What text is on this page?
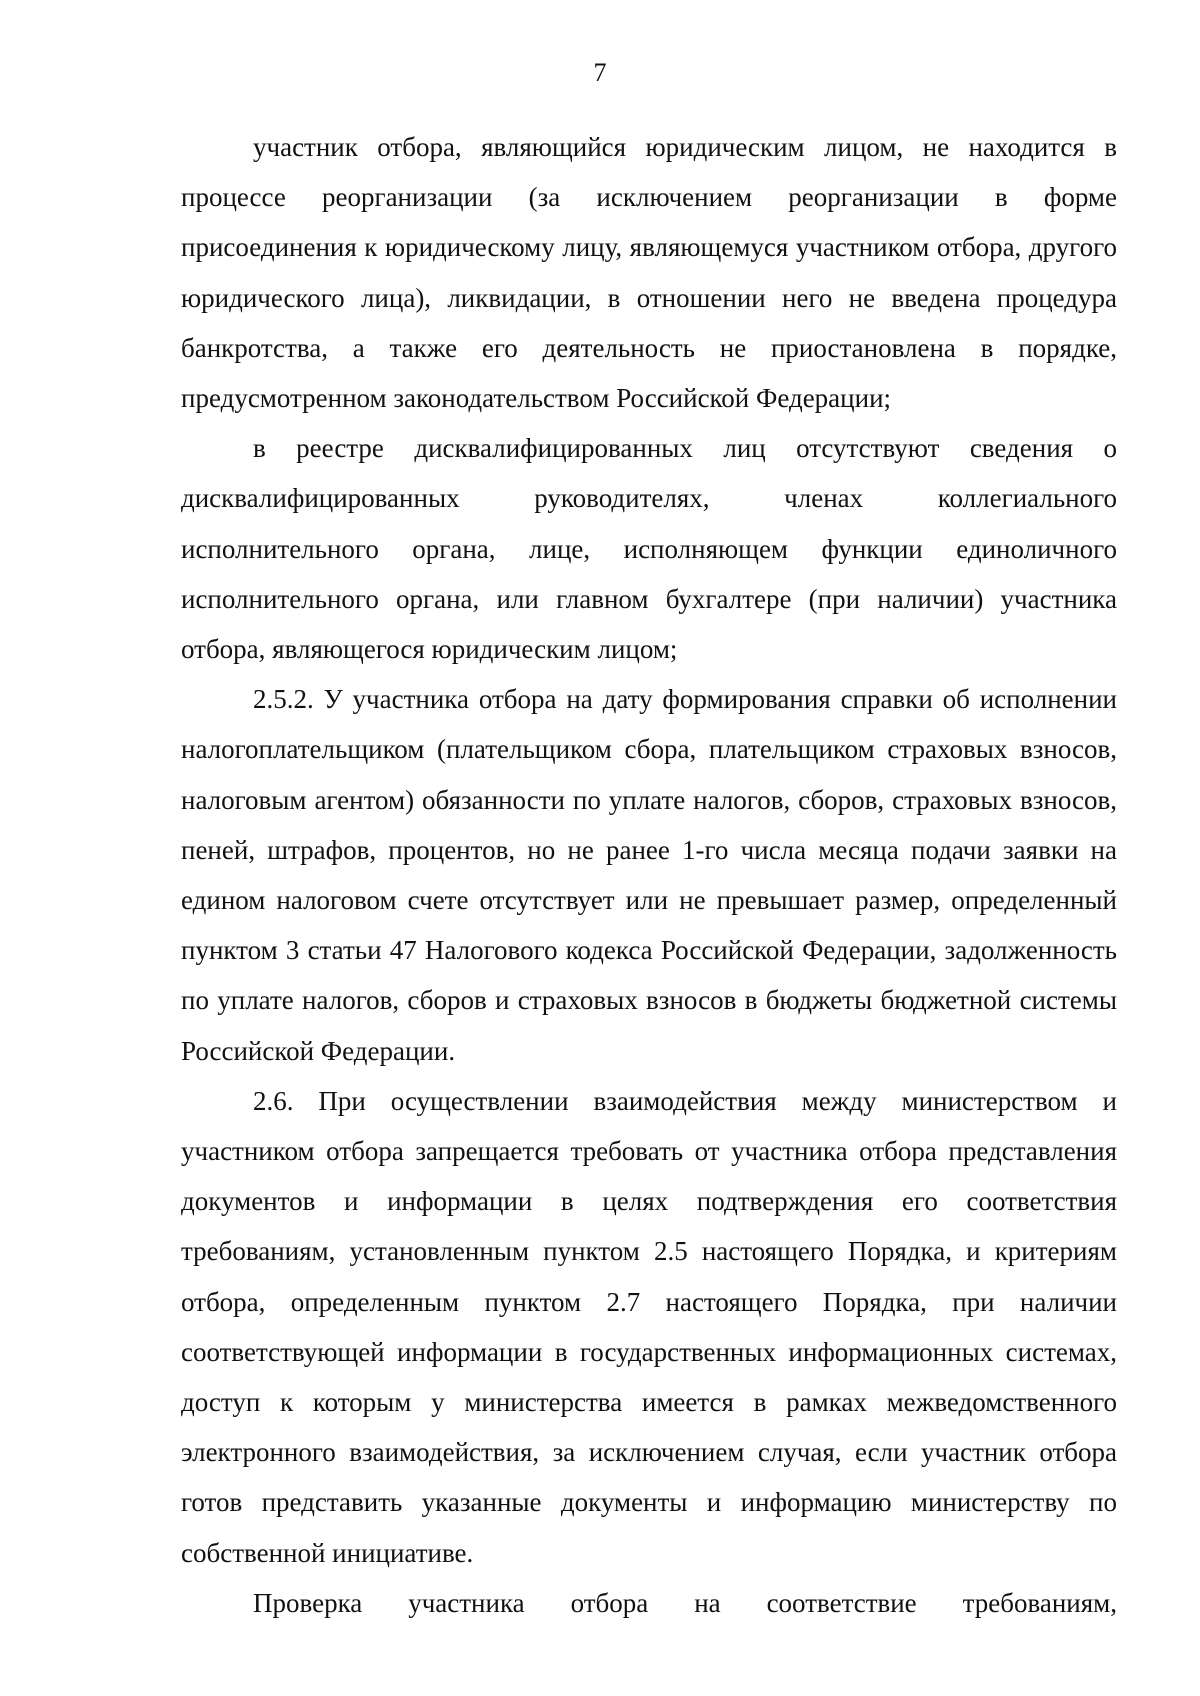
7

участник отбора, являющийся юридическим лицом, не находится в процессе реорганизации (за исключением реорганизации в форме присоединения к юридическому лицу, являющемуся участником отбора, другого юридического лица), ликвидации, в отношении него не введена процедура банкротства, а также его деятельность не приостановлена в порядке, предусмотренном законодательством Российской Федерации;

в реестре дисквалифицированных лиц отсутствуют сведения о дисквалифицированных руководителях, членах коллегиального исполнительного органа, лице, исполняющем функции единоличного исполнительного органа, или главном бухгалтере (при наличии) участника отбора, являющегося юридическим лицом;

2.5.2. У участника отбора на дату формирования справки об исполнении налогоплательщиком (плательщиком сбора, плательщиком страховых взносов, налоговым агентом) обязанности по уплате налогов, сборов, страховых взносов, пеней, штрафов, процентов, но не ранее 1-го числа месяца подачи заявки на едином налоговом счете отсутствует или не превышает размер, определенный пунктом 3 статьи 47 Налогового кодекса Российской Федерации, задолженность по уплате налогов, сборов и страховых взносов в бюджеты бюджетной системы Российской Федерации.

2.6. При осуществлении взаимодействия между министерством и участником отбора запрещается требовать от участника отбора представления документов и информации в целях подтверждения его соответствия требованиям, установленным пунктом 2.5 настоящего Порядка, и критериям отбора, определенным пунктом 2.7 настоящего Порядка, при наличии соответствующей информации в государственных информационных системах, доступ к которым у министерства имеется в рамках межведомственного электронного взаимодействия, за исключением случая, если участник отбора готов представить указанные документы и информацию министерству по собственной инициативе.

Проверка участника отбора на соответствие требованиям,
